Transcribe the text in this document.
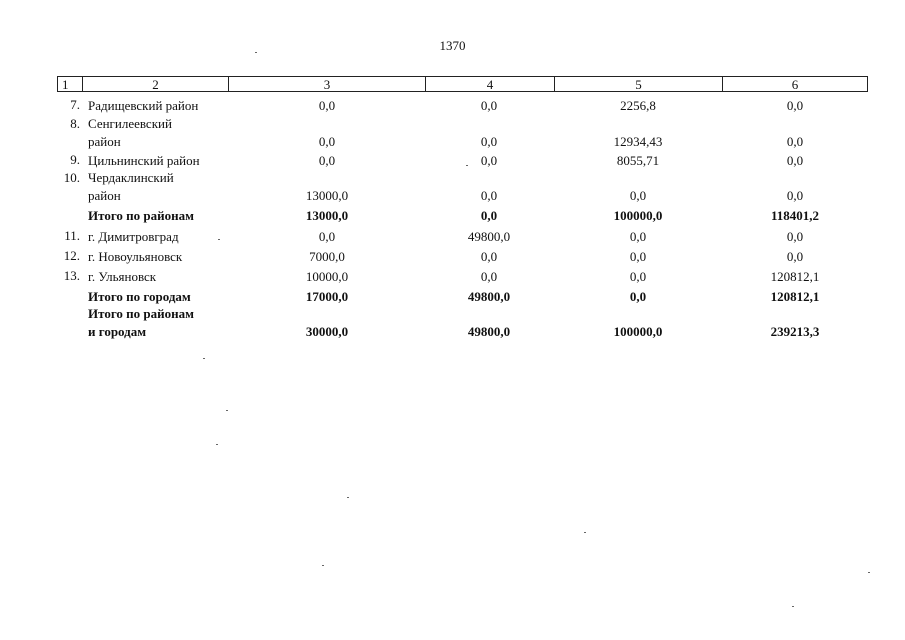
1370
1	2	3	4	5	6
7. Радищевский район	0,0	0,0	2256,8	0,0
8. Сенгилеевский
район	0,0	0,0	12934,43	0,0
9. Цильнинский район	0,0	0,0	8055,71	0,0
10. Чердаклинский
район	13000,0	0,0	0,0	0,0
Итого по районам	13000,0	0,0	100000,0	118401,2
11. г. Димитровград	0,0	49800,0	0,0	0,0
12. г. Новоульяновск	7000,0	0,0	0,0	0,0
13. г. Ульяновск	10000,0	0,0	0,0	120812,1
Итого по городам	17000,0	49800,0	0,0	120812,1
Итого по районам
и городам	30000,0	49800,0	100000,0	239213,3
